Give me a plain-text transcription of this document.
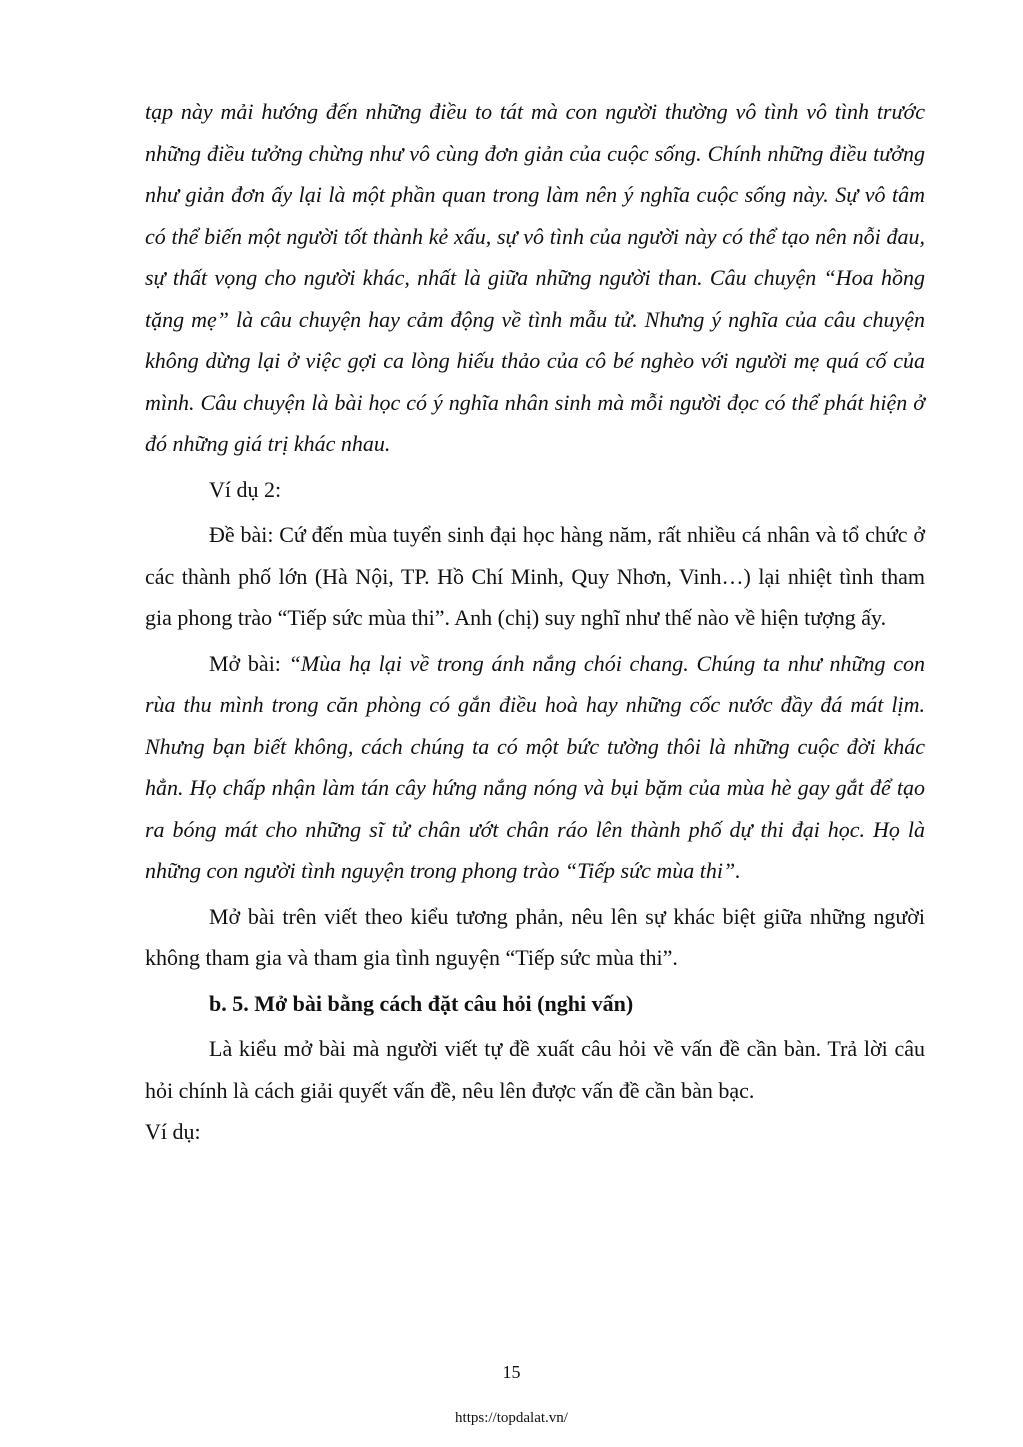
tạp này mải hướng đến những điều to tát mà con người thường vô tình vô tình trước những điều tưởng chừng như vô cùng đơn giản của cuộc sống. Chính những điều tưởng như giản đơn ấy lại là một phần quan trong làm nên ý nghĩa cuộc sống này. Sự vô tâm có thể biến một người tốt thành kẻ xấu, sự vô tình của người này có thể tạo nên nỗi đau, sự thất vọng cho người khác, nhất là giữa những người than. Câu chuyện “Hoa hồng tặng mẹ” là câu chuyện hay cảm động về tình mẫu tử. Nhưng ý nghĩa của câu chuyện không dừng lại ở việc gợi ca lòng hiếu thảo của cô bé nghèo với người mẹ quá cố của mình. Câu chuyện là bài học có ý nghĩa nhân sinh mà mỗi người đọc có thể phát hiện ở đó những giá trị khác nhau.

Ví dụ 2:

Đề bài: Cứ đến mùa tuyển sinh đại học hàng năm, rất nhiều cá nhân và tổ chức ở các thành phố lớn (Hà Nội, TP. Hồ Chí Minh, Quy Nhơn, Vinh…) lại nhiệt tình tham gia phong trào “Tiếp sức mùa thi”. Anh (chị) suy nghĩ như thế nào về hiện tượng ấy.

Mở bài: “Mùa hạ lại về trong ánh nắng chói chang. Chúng ta như những con rùa thu mình trong căn phòng có gắn điều hoà hay những cốc nước đầy đá mát lịm. Nhưng bạn biết không, cách chúng ta có một bức tường thôi là những cuộc đời khác hẳn. Họ chấp nhận làm tán cây hứng nắng nóng và bụi bặm của mùa hè gay gắt để tạo ra bóng mát cho những sĩ tử chân ướt chân ráo lên thành phố dự thi đại học. Họ là những con người tình nguyện trong phong trào “Tiếp sức mùa thi”.

Mở bài trên viết theo kiểu tương phản, nêu lên sự khác biệt giữa những người không tham gia và tham gia tình nguyện “Tiếp sức mùa thi”.

b. 5. Mở bài bằng cách đặt câu hỏi (nghi vấn)

Là kiểu mở bài mà người viết tự đề xuất câu hỏi về vấn đề cần bàn. Trả lời câu hỏi chính là cách giải quyết vấn đề, nêu lên được vấn đề cần bàn bạc.

Ví dụ:

15
https://topdalat.vn/
